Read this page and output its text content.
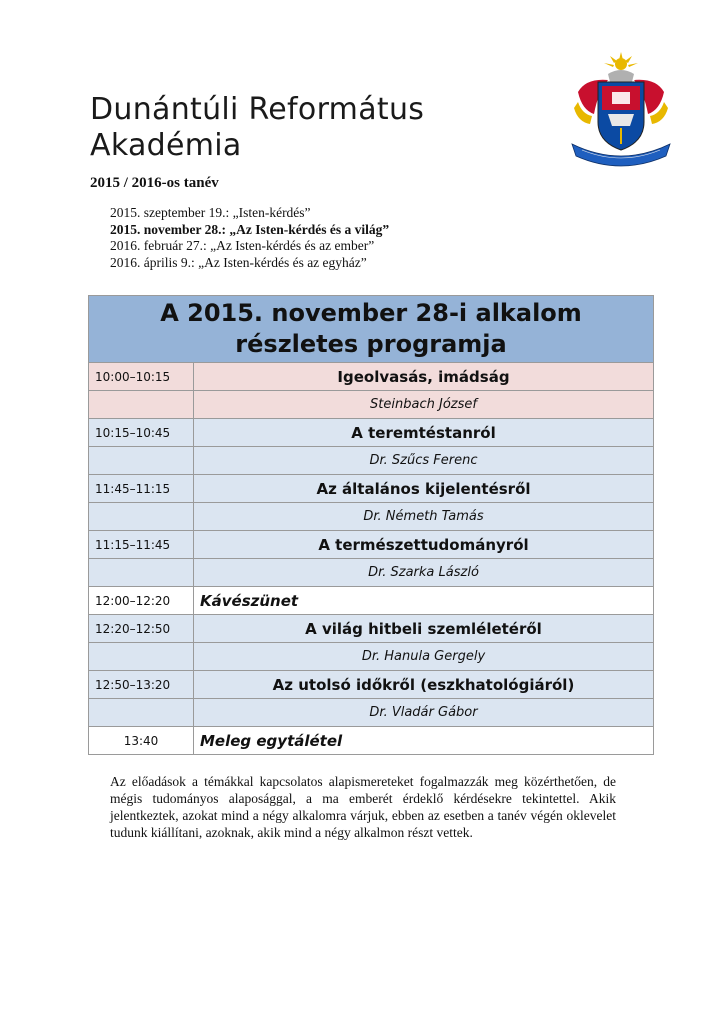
Dunántúli Református
Akadémia
2015 / 2016-os tanév
2015. szeptember 19.: „Isten-kérdés”
2015. november 28.: „Az Isten-kérdés és a világ”
2016. február 27.: „Az Isten-kérdés és az ember”
2016. április 9.: „Az Isten-kérdés és az egyház”
A 2015. november 28-i alkalom
részletes programja	

10:00–10:15	Igeolvasás, imádság
	Steinbach József
10:15–10:45	A teremtéstanról
	Dr. Szűcs Ferenc
11:45–11:15	Az általános kijelentésről
	Dr. Németh Tamás
11:15–11:45	A természettudományról
	Dr. Szarka László
12:00–12:20	Kávészünet
12:20–12:50	A világ hitbeli szemléletéről
	Dr. Hanula Gergely
12:50–13:20	Az utolsó időkről (eszkhatológiáról)
	Dr. Vladár Gábor
13:40	Meleg egytálétel
Az előadások a témákkal kapcsolatos alapismereteket fogalmazzák meg közérthetően, de mégis tudományos alaposággal, a ma emberét érdeklő kérdésekre tekintettel. Akik jelentkeztek, azokat mind a négy alkalomra várjuk, ebben az esetben a tanév végén oklevelet tudunk kiállítani, azoknak, akik mind a négy alkalmon részt vettek.
